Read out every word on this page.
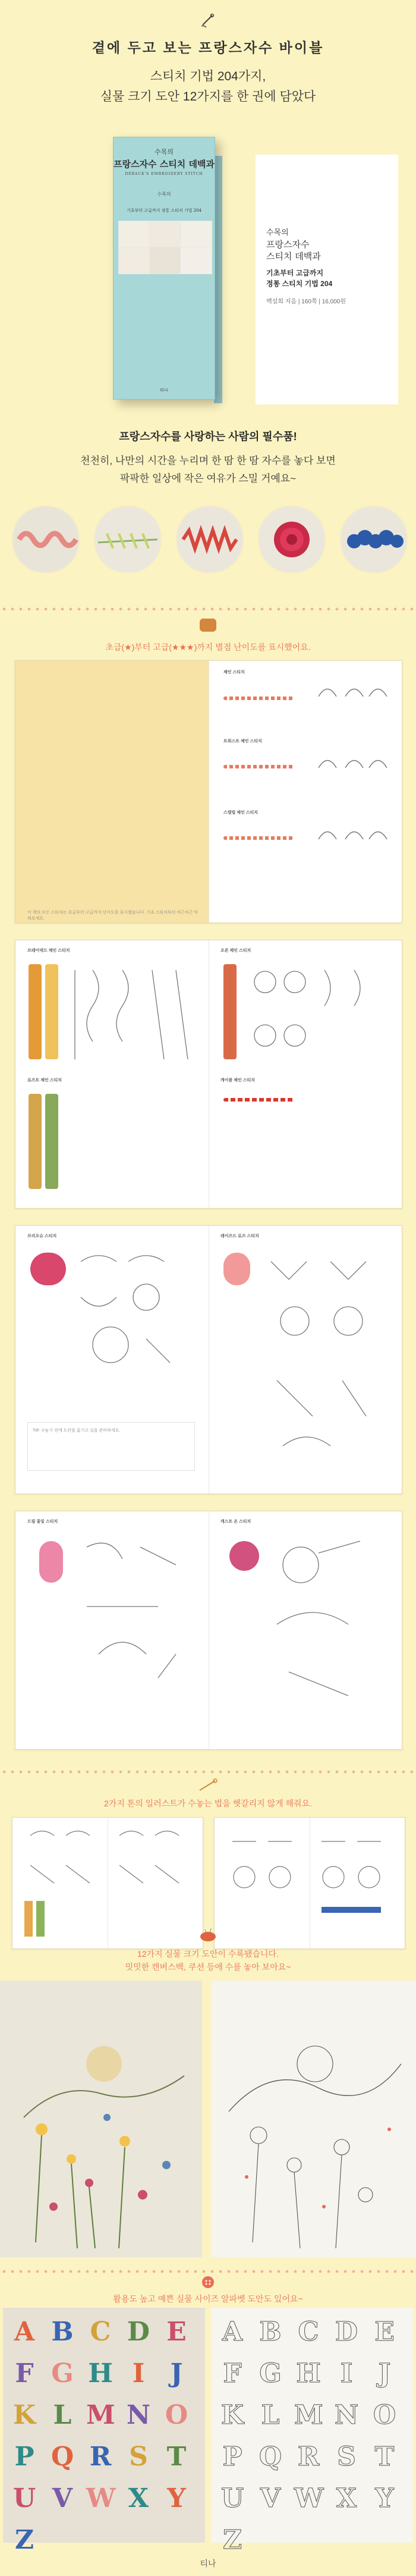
곁에 두고 보는 프랑스자수 바이블
스티치 기법 204가지,
실물 크기 도안 12가지를 한 권에 담았다
수목의
프랑스자수 스티치 데백과
DEBACK'S EMBROIDERY STITCH
수목의
기초부터 고급까지 정통 스티치 기법 204
티나
수목의
프랑스자수
스티치 데백과
기초부터 고급까지
정통 스티치 기법 204
백설희 지음 | 160쪽 | 16,000원
프랑스자수를 사랑하는 사람의 필수품!
천천히, 나만의 시간을 누리며 한 땀 한 땀 자수를 놓다 보면
팍팍한 일상에 작은 여유가 스밀 거예요~
초급(★)부터 고급(★★★)까지 별점 난이도를 표시했어요.
이 책의 모든 스티치는 초급부터 고급까지 난이도를 표시했습니다. 기초 스티치부터 차근차근 익혀보세요.
체인 스티치
트위스트 체인 스티치
스캘럽 체인 스티치
브레이데드 체인 스티치
로즈트 체인 스티치
오픈 체인 스티치
케이블 체인 스티치
브리오슈 스티치
TIP. 수놓기 전에 도안을 옮기고 실을 준비하세요.
레이즈드 로즈 스티치
드릴 꽃잎 스티치	캐스트 온 스티치
2가지 톤의 일러스트가 수놓는 법을 헷갈리지 않게 해줘요.
12가지 실물 크기 도안이 수록됐습니다.
밋밋한 캔버스백, 쿠션 등에 수를 놓아 보아요~
활용도 높고 예쁜 실물 사이즈 알파벳 도안도 있어요~
A B C D E
F G H I J
K L M N O
P Q R S T
U V W X Y
Z
A B C D E
F G H I J
K L M N O
P Q R S T
U V W X Y
Z
티나
